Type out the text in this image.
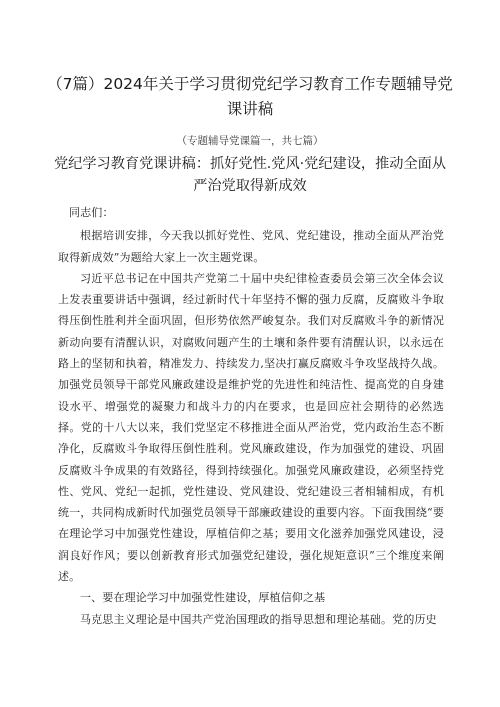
（7篇）2024年关于学习贯彻党纪学习教育工作专题辅导党课讲稿
（专题辅导党课篇一，共七篇）
党纪学习教育党课讲稿：抓好党性.党风·党纪建设，推动全面从严治党取得新成效

同志们：

根据培训安排，今天我以抓好党性、党风、党纪建设，推动全面从严治党取得新成效”为题给大家上一次主题党课。

习近平总书记在中国共产党第二十届中央纪律检查委员会第三次全体会议上发表重要讲话中强调，经过新时代十年坚持不懈的强力反腐，反腐败斗争取得压倒性胜利并全面巩固，但形势依然严峻复杂。我们对反腐败斗争的新情况新动向要有清醒认识，对腐败问题产生的土壤和条件要有清醒认识，以永远在路上的坚韧和执着，精准发力、持续发力,坚决打赢反腐败斗争攻坚战持久战。加强党员领导干部党风廉政建设是维护党的先进性和纯洁性、提高党的自身建设水平、增强党的凝聚力和战斗力的内在要求，也是回应社会期待的必然选择。党的十八大以来，我们党坚定不移推进全面从严治党，党内政治生态不断净化，反腐败斗争取得压倒性胜利。党风廉政建设，作为加强党的建设、巩固反腐败斗争成果的有效路径，得到持续强化。加强党风廉政建设，必须坚持党性、党风、党纪一起抓，党性建设、党风建设、党纪建设三者相辅相成，有机统一，共同构成新时代加强党员领导干部廉政建设的重要内容。下面我围绕“要在理论学习中加强党性建设，厚植信仰之基；要用文化滋养加强党风建设，浸润良好作风；要以创新教育形式加强党纪建设，强化规矩意识”三个维度来阐述。

一、要在理论学习中加强党性建设，厚植信仰之基

马克思主义理论是中国共产党治国理政的指导思想和理论基础。党的历史
